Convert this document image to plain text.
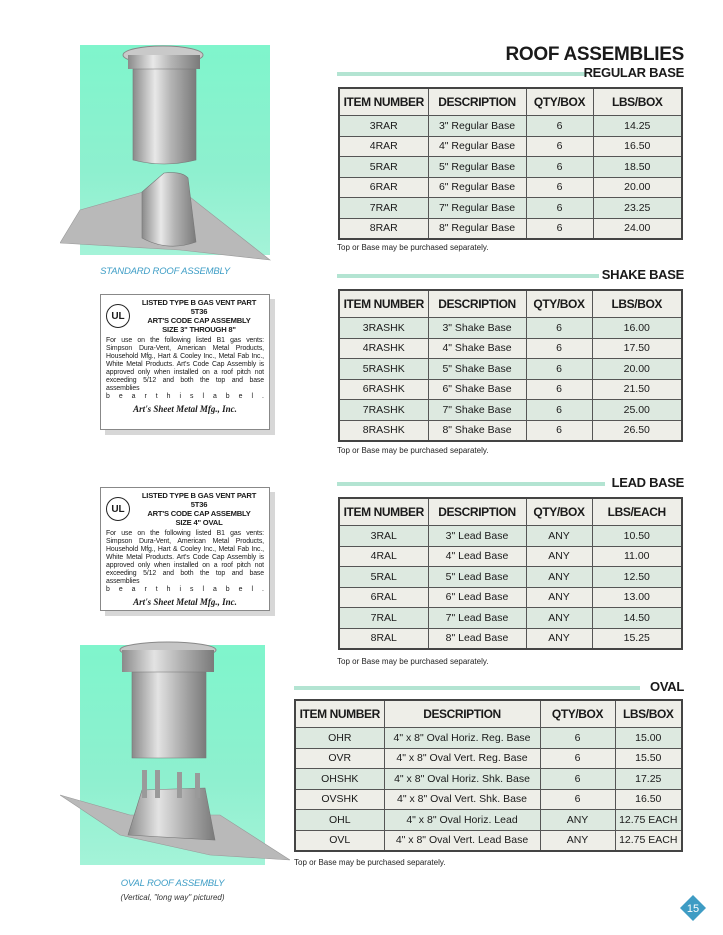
ROOF ASSEMBLIES
STANDARD ROOF ASSEMBLY
UL
LISTED TYPE B GAS VENT PART 5T36
ART'S CODE CAP ASSEMBLY
SIZE 3" THROUGH 8"
For use on the following listed B1 gas vents: Simpson Dura-Vent, American Metal Products, Household Mfg., Hart & Cooley Inc., Metal Fab Inc., White Metal Products. Art's Code Cap Assembly is approved only when installed on a roof pitch not exceeding 5/12 and both the top and base assemblies
b e a r t h i s l a b e l .
Art's Sheet Metal Mfg., Inc.
UL
LISTED TYPE B GAS VENT PART 5T36
ART'S CODE CAP ASSEMBLY
SIZE 4" OVAL
For use on the following listed B1 gas vents: Simpson Dura-Vent, American Metal Products, Household Mfg., Hart & Cooley Inc., Metal Fab Inc., White Metal Products. Art's Code Cap Assembly is approved only when installed on a roof pitch not exceeding 5/12 and both the top and base assemblies
b e a r t h i s l a b e l .
Art's Sheet Metal Mfg., Inc.
OVAL ROOF ASSEMBLY
(Vertical, "long way" pictured)
REGULAR BASE
ITEM NUMBER	DESCRIPTION	QTY/BOX	LBS/BOX
3RAR	3" Regular Base	6	14.25
4RAR	4" Regular Base	6	16.50
5RAR	5" Regular Base	6	18.50
6RAR	6" Regular Base	6	20.00
7RAR	7" Regular Base	6	23.25
8RAR	8" Regular Base	6	24.00
Top or Base may be purchased separately.
SHAKE BASE
ITEM NUMBER	DESCRIPTION	QTY/BOX	LBS/BOX
3RASHK	3" Shake Base	6	16.00
4RASHK	4" Shake Base	6	17.50
5RASHK	5" Shake Base	6	20.00
6RASHK	6" Shake Base	6	21.50
7RASHK	7" Shake Base	6	25.00
8RASHK	8" Shake Base	6	26.50
Top or Base may be purchased separately.
LEAD BASE
ITEM NUMBER	DESCRIPTION	QTY/BOX	LBS/EACH
3RAL	3" Lead Base	ANY	10.50
4RAL	4" Lead Base	ANY	11.00
5RAL	5" Lead Base	ANY	12.50
6RAL	6" Lead Base	ANY	13.00
7RAL	7" Lead Base	ANY	14.50
8RAL	8" Lead Base	ANY	15.25
Top or Base may be purchased separately.
OVAL
ITEM NUMBER	DESCRIPTION	QTY/BOX	LBS/BOX
OHR	4" x 8" Oval Horiz. Reg. Base	6	15.00
OVR	4" x 8" Oval Vert. Reg. Base	6	15.50
OHSHK	4" x 8" Oval Horiz. Shk. Base	6	17.25
OVSHK	4" x 8" Oval Vert. Shk. Base	6	16.50
OHL	4" x 8" Oval Horiz. Lead	ANY	12.75 EACH
OVL	4" x 8" Oval Vert. Lead Base	ANY	12.75 EACH
Top or Base may be purchased separately.
15
